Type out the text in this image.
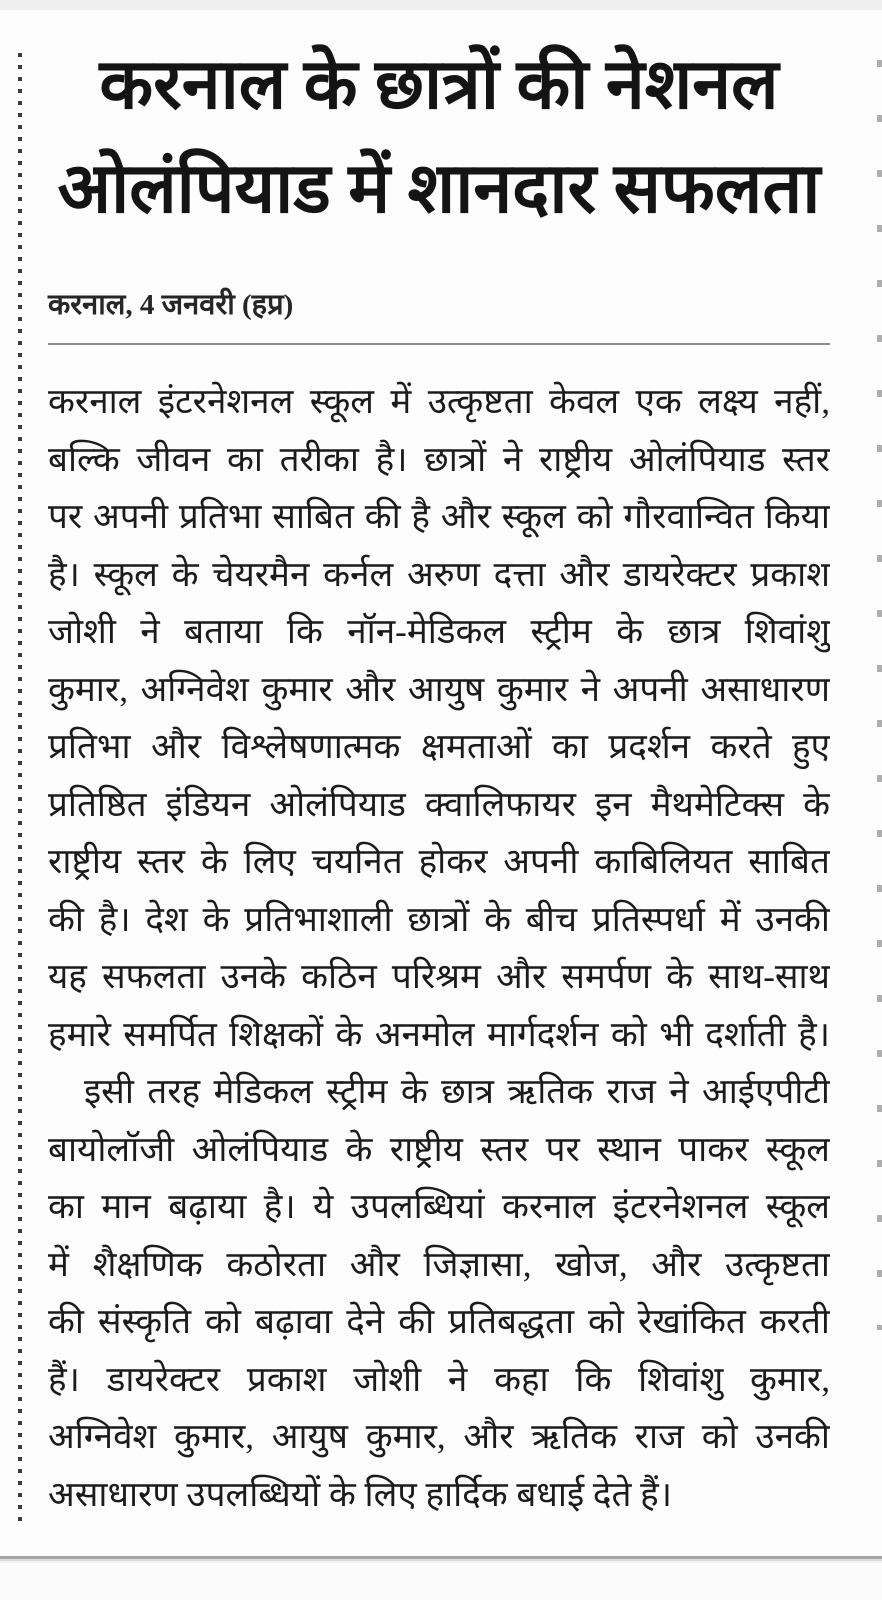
करनाल के छात्रों की नेशनल
ओलंपियाड में शानदार सफलता
करनाल, 4 जनवरी (हप्र)
करनाल इंटरनेशनल स्कूल में उत्कृष्टता केवल एक लक्ष्य नहीं,
बल्कि जीवन का तरीका है। छात्रों ने राष्ट्रीय ओलंपियाड स्तर
पर अपनी प्रतिभा साबित की है और स्कूल को गौरवान्वित किया
है। स्कूल के चेयरमैन कर्नल अरुण दत्ता और डायरेक्टर प्रकाश
जोशी ने बताया कि नॉन-मेडिकल स्ट्रीम के छात्र शिवांशु
कुमार, अग्निवेश कुमार और आयुष कुमार ने अपनी असाधारण
प्रतिभा और विश्लेषणात्मक क्षमताओं का प्रदर्शन करते हुए
प्रतिष्ठित इंडियन ओलंपियाड क्वालिफायर इन मैथमेटिक्स के
राष्ट्रीय स्तर के लिए चयनित होकर अपनी काबिलियत साबित
की है। देश के प्रतिभाशाली छात्रों के बीच प्रतिस्पर्धा में उनकी
यह सफलता उनके कठिन परिश्रम और समर्पण के साथ-साथ
हमारे समर्पित शिक्षकों के अनमोल मार्गदर्शन को भी दर्शाती है।
इसी तरह मेडिकल स्ट्रीम के छात्र ऋतिक राज ने आईएपीटी
बायोलॉजी ओलंपियाड के राष्ट्रीय स्तर पर स्थान पाकर स्कूल
का मान बढ़ाया है। ये उपलब्धियां करनाल इंटरनेशनल स्कूल
में शैक्षणिक कठोरता और जिज्ञासा, खोज, और उत्कृष्टता
की संस्कृति को बढ़ावा देने की प्रतिबद्धता को रेखांकित करती
हैं। डायरेक्टर प्रकाश जोशी ने कहा कि शिवांशु कुमार,
अग्निवेश कुमार, आयुष कुमार, और ऋतिक राज को उनकी
असाधारण उपलब्धियों के लिए हार्दिक बधाई देते हैं।
